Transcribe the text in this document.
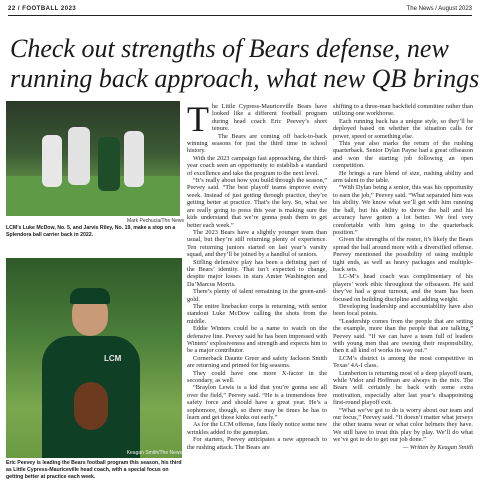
22 / FOOTBALL 2023	The News / August 2023
Check out strengths of Bears defense, new
running back approach, what new QB brings
Mark Pechucia/The News
LCM’s Luke McDow, No. 5, and Jarvis Riley, No. 19, make a stop on a Splendora ball carrier back in 2022.
LCM
Keagan Smith/The News
Eric Peevey is leading the Bears football program this season, his third as Little Cypress-Mauriceville head coach, with a special focus on getting better at practice each week.
T he Little Cypress-Mauriceville Bears have looked like a different football program during head coach Eric Peevey’s short tenure.

The Bears are coming off back-to-back winning seasons for just the third time in school history.

With the 2023 campaign fast approaching, the third-year coach seen an opportunity to establish a standard of excellence and take the program to the next level.

“It’s really about how you build through the season,” Peevey said. “The best playoff teams improve every week. Instead of just getting through practice, they’re getting better at practice. That’s the key. So, what we are really going to press this year is making sure the kids understand that we’re gonna push them to get better each week.”

The 2023 Bears have a slightly younger team than usual, but they’re still returning plenty of experience. Ten returning juniors started on last year’s varsity squad, and they’ll be joined by a handful of seniors.

Stifling defensive play has been a defining part of the Bears’ identity. That isn’t expected to change, despite major losses in stars Amier Washington and Da’Marcus Morris.

There’s plenty of talent remaining in the green-and-gold.

The entire linebacker corps is returning, with senior standout Luke McDow calling the shots from the middle.

Eddie Winters could be a name to watch on the defensive line. Peevey said he has been impressed with Winters’ explosiveness and strength and expects him to be a major contributor.

Cornerback Daunte Greer and safety Jackson Smith are returning and primed for big seasons.

They could have one more X-factor in the secondary, as well.

“Braylon Lewis is a kid that you’re gonna see all over the field,” Peevey said. “He is a tremendous free safety force and should have a great year. He’s a sophomore, though, so there may be times he has to learn and get those kinks out early.”

As for the LCM offense, fans likely notice some new wrinkles added to the gameplan.

For starters, Peevey anticipates a new approach to the rushing attack. The Bears are

shifting to a three-man backfield committee rather than utilizing one workhorse.

Each running back has a unique style, so they’ll be deployed based on whether the situation calls for power, speed or something else.

This year also marks the return of the rushing quarterback. Senior Dylan Payne had a great offseason and won the starting job following an open competition.

He brings a rare blend of size, rushing ability and arm talent to the table.

“With Dylan being a senior, this was his opportunity to earn the job,” Peevey said. “What separated him was his ability. We know what we’ll get with him running the ball, but his ability to throw the ball and his accuracy have gotten a lot better. We feel very comfortable with him going to the quarterback position.”

Given the strengths of the roster, it’s likely the Bears spread the ball around more with a diversified offense. Peevey mentioned the possibility of using multiple tight ends, as well as heavy packages and multiple-back sets.

LC-M’s head coach was complimentary of his players’ work ethic throughout the offseason. He said they’ve had a great turnout, and the team has been focused on building discipline and adding weight.

Developing leadership and accountability have also been focal points.

“Leadership comes from the people that are setting the example, more than the people that are talking,” Peevey said. “If we can have a team full of leaders with young men that are owning their responsibility, then it all kind of works its way out.”

LCM’s district is among the most competitive in Texas’ 4A-I class.

Lumberton is returning most of a deep playoff team, while Vidor and Hoffman are always in the mix. The Bears will certainly be back with some extra motivation, especially after last year’s disappointing first-round playoff exit.

“What we’ve got to do is worry about our team and our focus,” Peevey said. “It doesn’t matter what jerseys the other teams wear or what color helmets they have. We still have to treat this play by play. We’ll do what we’ve got to do to get our job done.”

— Written by Keagan Smith
